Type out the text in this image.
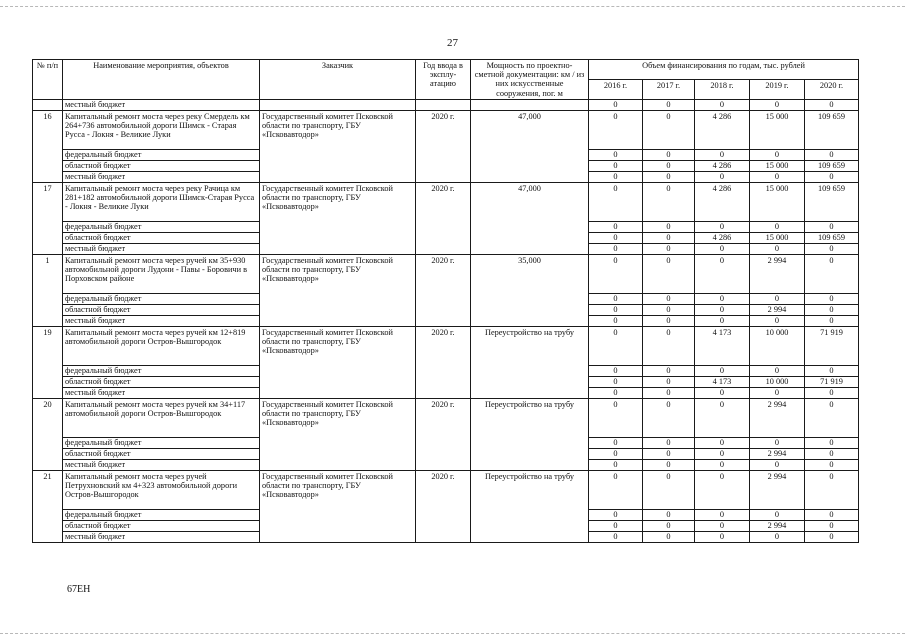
27
№ п/п	Наименование мероприятия, объектов	Заказчик	Год ввода в эксплу-атацию	Мощность по проектно-сметной документации: км / из них искусственные сооружения, пог. м	Объем финансирования по годам, тыс. рублей				
					2016 г.	2017 г.	2018 г.	2019 г.	2020 г.
	местный бюджет				0	0	0	0	0
16	Капитальный ремонт моста через реку Смердель км 264+736 автомобильной дороги Шимск - Старая Русса - Локня - Великие Луки	Государственный комитет Псковской области по транспорту, ГБУ «Псковавтодор»	2020 г.	47,000	0	0	4 286	15 000	109 659
	федеральный бюджет				0	0	0	0	0
	областной бюджет				0	0	4 286	15 000	109 659
	местный бюджет				0	0	0	0	0
17	Капитальный ремонт моста через реку Рачица км 281+182 автомобильной дороги Шимск-Старая Русса - Локня - Великие Луки	Государственный комитет Псковской области по транспорту, ГБУ «Псковавтодор»	2020 г.	47,000	0	0	4 286	15 000	109 659
	федеральный бюджет				0	0	0	0	0
	областной бюджет				0	0	4 286	15 000	109 659
	местный бюджет				0	0	0	0	0
1	Капитальный ремонт моста через ручей км 35+930 автомобильной дороги Лудони - Павы - Боровичи в Порховском районе	Государственный комитет Псковской области по транспорту, ГБУ «Псковавтодор»	2020 г.	35,000	0	0	0	2 994	0
	федеральный бюджет				0	0	0	0	0
	областной бюджет				0	0	0	2 994	0
	местный бюджет				0	0	0	0	0
19	Капитальный ремонт моста через ручей км 12+819 автомобильной дороги Остров-Вышгородок	Государственный комитет Псковской области по транспорту, ГБУ «Псковавтодор»	2020 г.	Переустройство на трубу	0	0	4 173	10 000	71 919
	федеральный бюджет				0	0	0	0	0
	областной бюджет				0	0	4 173	10 000	71 919
	местный бюджет				0	0	0	0	0
20	Капитальный ремонт моста через ручей км 34+117 автомобильной дороги Остров-Вышгородок	Государственный комитет Псковской области по транспорту, ГБУ «Псковавтодор»	2020 г.	Переустройство на трубу	0	0	0	2 994	0
	федеральный бюджет				0	0	0	0	0
	областной бюджет				0	0	0	2 994	0
	местный бюджет				0	0	0	0	0
21	Капитальный ремонт моста через ручей Петрухновский км 4+323 автомобильной дороги Остров-Вышгородок	Государственный комитет Псковской области по транспорту, ГБУ «Псковавтодор»	2020 г.	Переустройство на трубу	0	0	0	2 994	0
	федеральный бюджет				0	0	0	0	0
	областной бюджет				0	0	0	2 994	0
	местный бюджет				0	0	0	0	0
67ЕН
